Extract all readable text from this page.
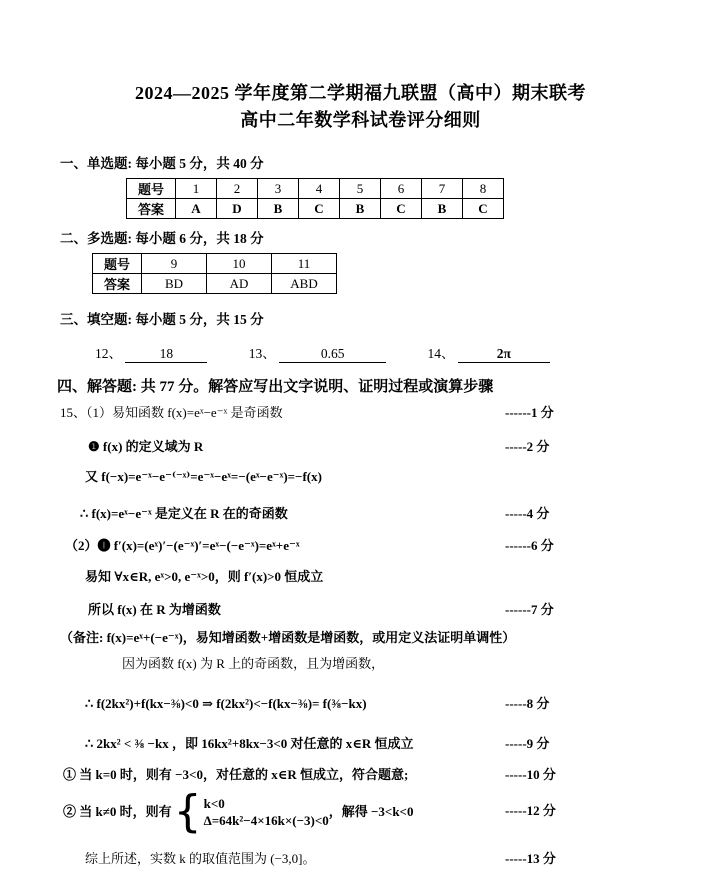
2024—2025 学年度第二学期福九联盟（高中）期末联考
高中二年数学科试卷评分细则
一、单选题: 每小题 5 分，共 40 分
题号	1	2	3	4	5	6	7	8
答案	A	D	B	C	B	C	B	C
二、多选题: 每小题 6 分，共 18 分
题号	9	10	11
答案	BD	AD	ABD
三、填空题: 每小题 5 分，共 15 分
12、	18	13、	0.65	14、	2π
四、解答题: 共 77 分。解答应写出文字说明、证明过程或演算步骤
15、（1）易知函数 f(x)=eˣ−e⁻ˣ 是奇函数	------1 分
❶ f(x) 的定义域为 R	-----2 分
又 f(−x)=e⁻ˣ−e⁻⁽⁻ˣ⁾=e⁻ˣ−eˣ=−(eˣ−e⁻ˣ)=−f(x)
∴ f(x)=eˣ−e⁻ˣ 是定义在 R 在的奇函数	-----4 分
（2）❶ f′(x)=(eˣ)′−(e⁻ˣ)′=eˣ−(−e⁻ˣ)=eˣ+e⁻ˣ	------6 分
易知 ∀x∈R, eˣ>0, e⁻ˣ>0，则 f′(x)>0 恒成立
所以 f(x) 在 R 为增函数	------7 分
（备注: f(x)=eˣ+(−e⁻ˣ)，易知增函数+增函数是增函数，或用定义法证明单调性）
因为函数 f(x) 为 R 上的奇函数，且为增函数，
∴ f(2kx²)+f(kx−⅜)<0 ⇒ f(2kx²)<−f(kx−⅜)= f(⅜−kx)	-----8 分
∴ 2kx² < ⅜ −kx ，即 16kx²+8kx−3<0 对任意的 x∈R 恒成立	-----9 分
① 当 k=0 时，则有 −3<0，对任意的 x∈R 恒成立，符合题意;	-----10 分
② 当 k≠0 时，则有 { k<0
Δ=64k²−4×16k×(−3)<0
，解得 −3<k<0	-----12 分
综上所述，实数 k 的取值范围为 (−3,0]。	-----13 分
